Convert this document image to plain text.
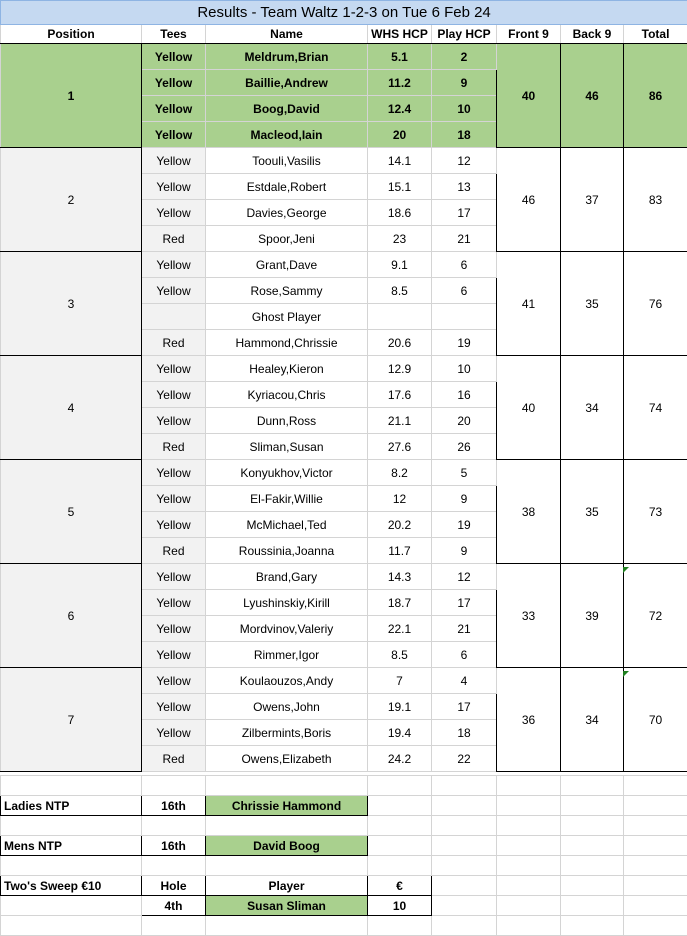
Results - Team Waltz 1-2-3 on Tue 6 Feb 24							
Position	Tees	Name	WHS HCP	Play HCP	Front 9	Back 9	Total
1	Yellow	Meldrum,Brian	5.1	2	40	46	86
	Yellow	Baillie,Andrew	11.2	9			
	Yellow	Boog,David	12.4	10			
	Yellow	Macleod,Iain	20	18			
2	Yellow	Toouli,Vasilis	14.1	12	46	37	83
	Yellow	Estdale,Robert	15.1	13			
	Yellow	Davies,George	18.6	17			
	Red	Spoor,Jeni	23	21			
3	Yellow	Grant,Dave	9.1	6	41	35	76
	Yellow	Rose,Sammy	8.5	6			
		Ghost Player					
	Red	Hammond,Chrissie	20.6	19			
4	Yellow	Healey,Kieron	12.9	10	40	34	74
	Yellow	Kyriacou,Chris	17.6	16			
	Yellow	Dunn,Ross	21.1	20			
	Red	Sliman,Susan	27.6	26			
5	Yellow	Konyukhov,Victor	8.2	5	38	35	73
	Yellow	El-Fakir,Willie	12	9			
	Yellow	McMichael,Ted	20.2	19			
	Red	Roussinia,Joanna	11.7	9			
6	Yellow	Brand,Gary	14.3	12	33	39	72
	Yellow	Lyushinskiy,Kirill	18.7	17			
	Yellow	Mordvinov,Valeriy	22.1	21			
	Yellow	Rimmer,Igor	8.5	6			
7	Yellow	Koulaouzos,Andy	7	4	36	34	70
	Yellow	Owens,John	19.1	17			
	Yellow	Zilbermints,Boris	19.4	18			
	Red	Owens,Elizabeth	24.2	22			

Ladies NTP	16th	Chrissie Hammond					

Mens NTP	16th	David Boog					

Two's Sweep €10	Hole	Player	€				
	4th	Susan Sliman	10				
